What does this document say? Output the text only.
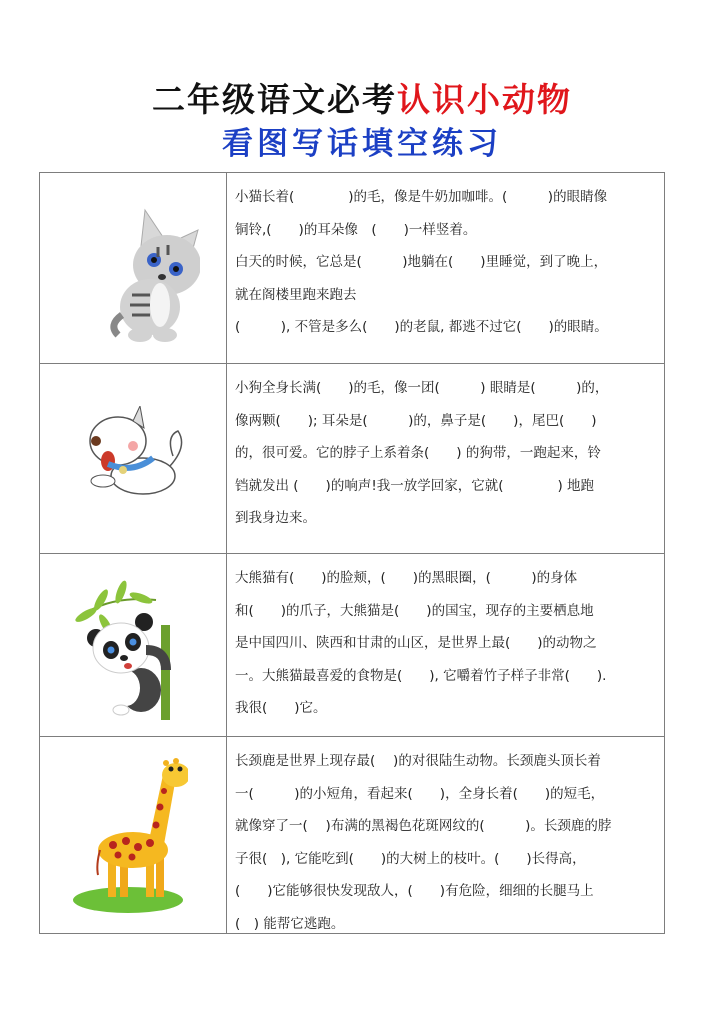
二年级语文必考认识小动物
看图写话填空练习
小猫长着(　　　　)的毛，像是牛奶加咖啡。(　　　)的眼睛像
铜铃,(　　)的耳朵像　(　　)一样竖着。
白天的时候，它总是(　　　)地躺在(　　)里睡觉，到了晚上，
就在阁楼里跑来跑去
(　　　), 不管是多么(　　)的老鼠, 都逃不过它(　　)的眼睛。
小狗全身长满(　　)的毛，像一团(　　　) 眼睛是(　　　)的，
像两颗(　　); 耳朵是(　　　)的，鼻子是(　　)，尾巴(　　)
的，很可爱。它的脖子上系着条(　　) 的狗带，一跑起来，铃
铛就发出 (　　)的响声!我一放学回家，它就(　　　　) 地跑
到我身边来。
大熊猫有(　　)的脸颊，(　　)的黑眼圈，(　　　)的身体
和(　　)的爪子，大熊猫是(　　)的国宝，现存的主要栖息地
是中国四川、陕西和甘肃的山区，是世界上最(　　)的动物之
一。大熊猫最喜爱的食物是(　　), 它嚼着竹子样子非常(　　).
我很(　　)它。
长颈鹿是世界上现存最(　 )的对很陆生动物。长颈鹿头顶长着
一(　　　)的小短角，看起来(　　)，全身长着(　　)的短毛，
就像穿了一(　 )布满的黑褐色花斑网纹的(　　　)。长颈鹿的脖
子很(　), 它能吃到(　　)的大树上的枝叶。(　　)长得高，
(　　)它能够很快发现敌人，(　　)有危险，细细的长腿马上
(　) 能帮它逃跑。
